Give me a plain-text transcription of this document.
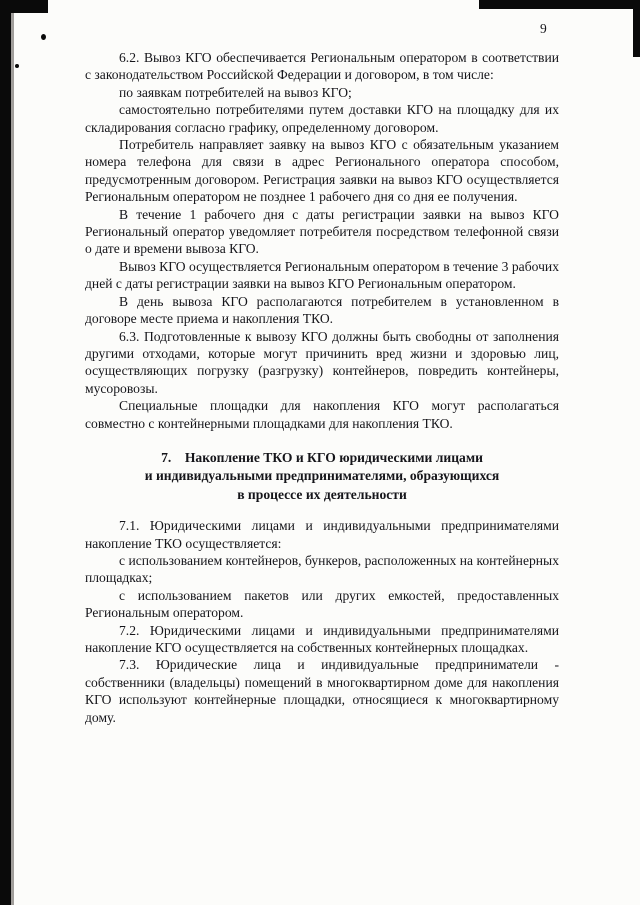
9

6.2. Вывоз КГО обеспечивается Региональным оператором в соответствии с законодательством Российской Федерации и договором, в том числе:

по заявкам потребителей на вывоз КГО;

самостоятельно потребителями путем доставки КГО на площадку для их складирования согласно графику, определенному договором.

Потребитель направляет заявку на вывоз КГО с обязательным указанием номера телефона для связи в адрес Регионального оператора способом, предусмотренным договором. Регистрация заявки на вывоз КГО осуществляется Региональным оператором не позднее 1 рабочего дня со дня ее получения.

В течение 1 рабочего дня с даты регистрации заявки на вывоз КГО Региональный оператор уведомляет потребителя посредством телефонной связи о дате и времени вывоза КГО.

Вывоз КГО осуществляется Региональным оператором в течение 3 рабочих дней с даты регистрации заявки на вывоз КГО Региональным оператором.

В день вывоза КГО располагаются потребителем в установленном в договоре месте приема и накопления ТКО.

6.3. Подготовленные к вывозу КГО должны быть свободны от заполнения другими отходами, которые могут причинить вред жизни и здоровью лиц, осуществляющих погрузку (разгрузку) контейнеров, повредить контейнеры, мусоровозы.

Специальные площадки для накопления КГО могут располагаться совместно с контейнерными площадками для накопления ТКО.

7.    Накопление ТКО и КГО юридическими лицами

и индивидуальными предпринимателями, образующихся

в процессе их деятельности

7.1. Юридическими лицами и индивидуальными предпринимателями накопление ТКО осуществляется:

с использованием контейнеров, бункеров, расположенных на контейнерных площадках;

с использованием пакетов или других емкостей, предоставленных Региональным оператором.

7.2. Юридическими лицами и индивидуальными предпринимателями накопление КГО осуществляется на собственных контейнерных площадках.

7.3. Юридические лица и индивидуальные предприниматели - собственники (владельцы) помещений в многоквартирном доме для накопления КГО используют контейнерные площадки, относящиеся к многоквартирному дому.
